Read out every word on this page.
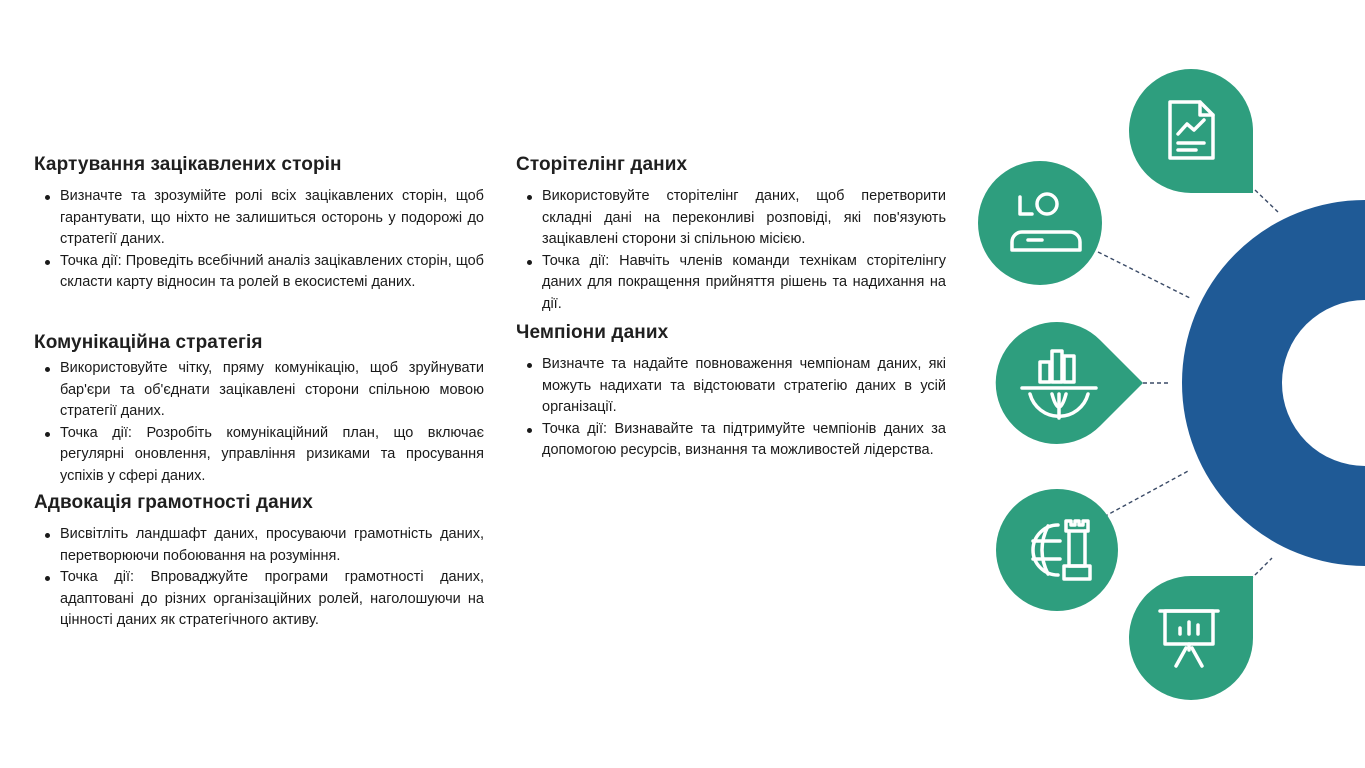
Картування зацікавлених сторін
Визначте та зрозумійте ролі всіх зацікавлених сторін, щоб гарантувати, що ніхто не залишиться осторонь у подорожі до стратегії даних.
Точка дії: Проведіть всебічний аналіз зацікавлених сторін, щоб скласти карту відносин та ролей в екосистемі даних.
Комунікаційна стратегія
Використовуйте чітку, пряму комунікацію, щоб зруйнувати бар'єри та об'єднати зацікавлені сторони спільною мовою стратегії даних.
Точка дії: Розробіть комунікаційний план, що включає регулярні оновлення, управління ризиками та просування успіхів у сфері даних.
Адвокація грамотності даних
Висвітліть ландшафт даних, просуваючи грамотність даних, перетворюючи побоювання на розуміння.
Точка дії: Впроваджуйте програми грамотності даних, адаптовані до різних організаційних ролей, наголошуючи на цінності даних як стратегічного активу.
Сторітелінг даних
Використовуйте сторітелінг даних, щоб перетворити складні дані на переконливі розповіді, які пов'язують зацікавлені сторони зі спільною місією.
Точка дії: Навчіть членів команди технікам сторітелінгу даних для покращення прийняття рішень та надихання на дії.
Чемпіони даних
Визначте та надайте повноваження чемпіонам даних, які можуть надихати та відстоювати стратегію даних в усій організації.
Точка дії: Визнавайте та підтримуйте чемпіонів даних за допомогою ресурсів, визнання та можливостей лідерства.
